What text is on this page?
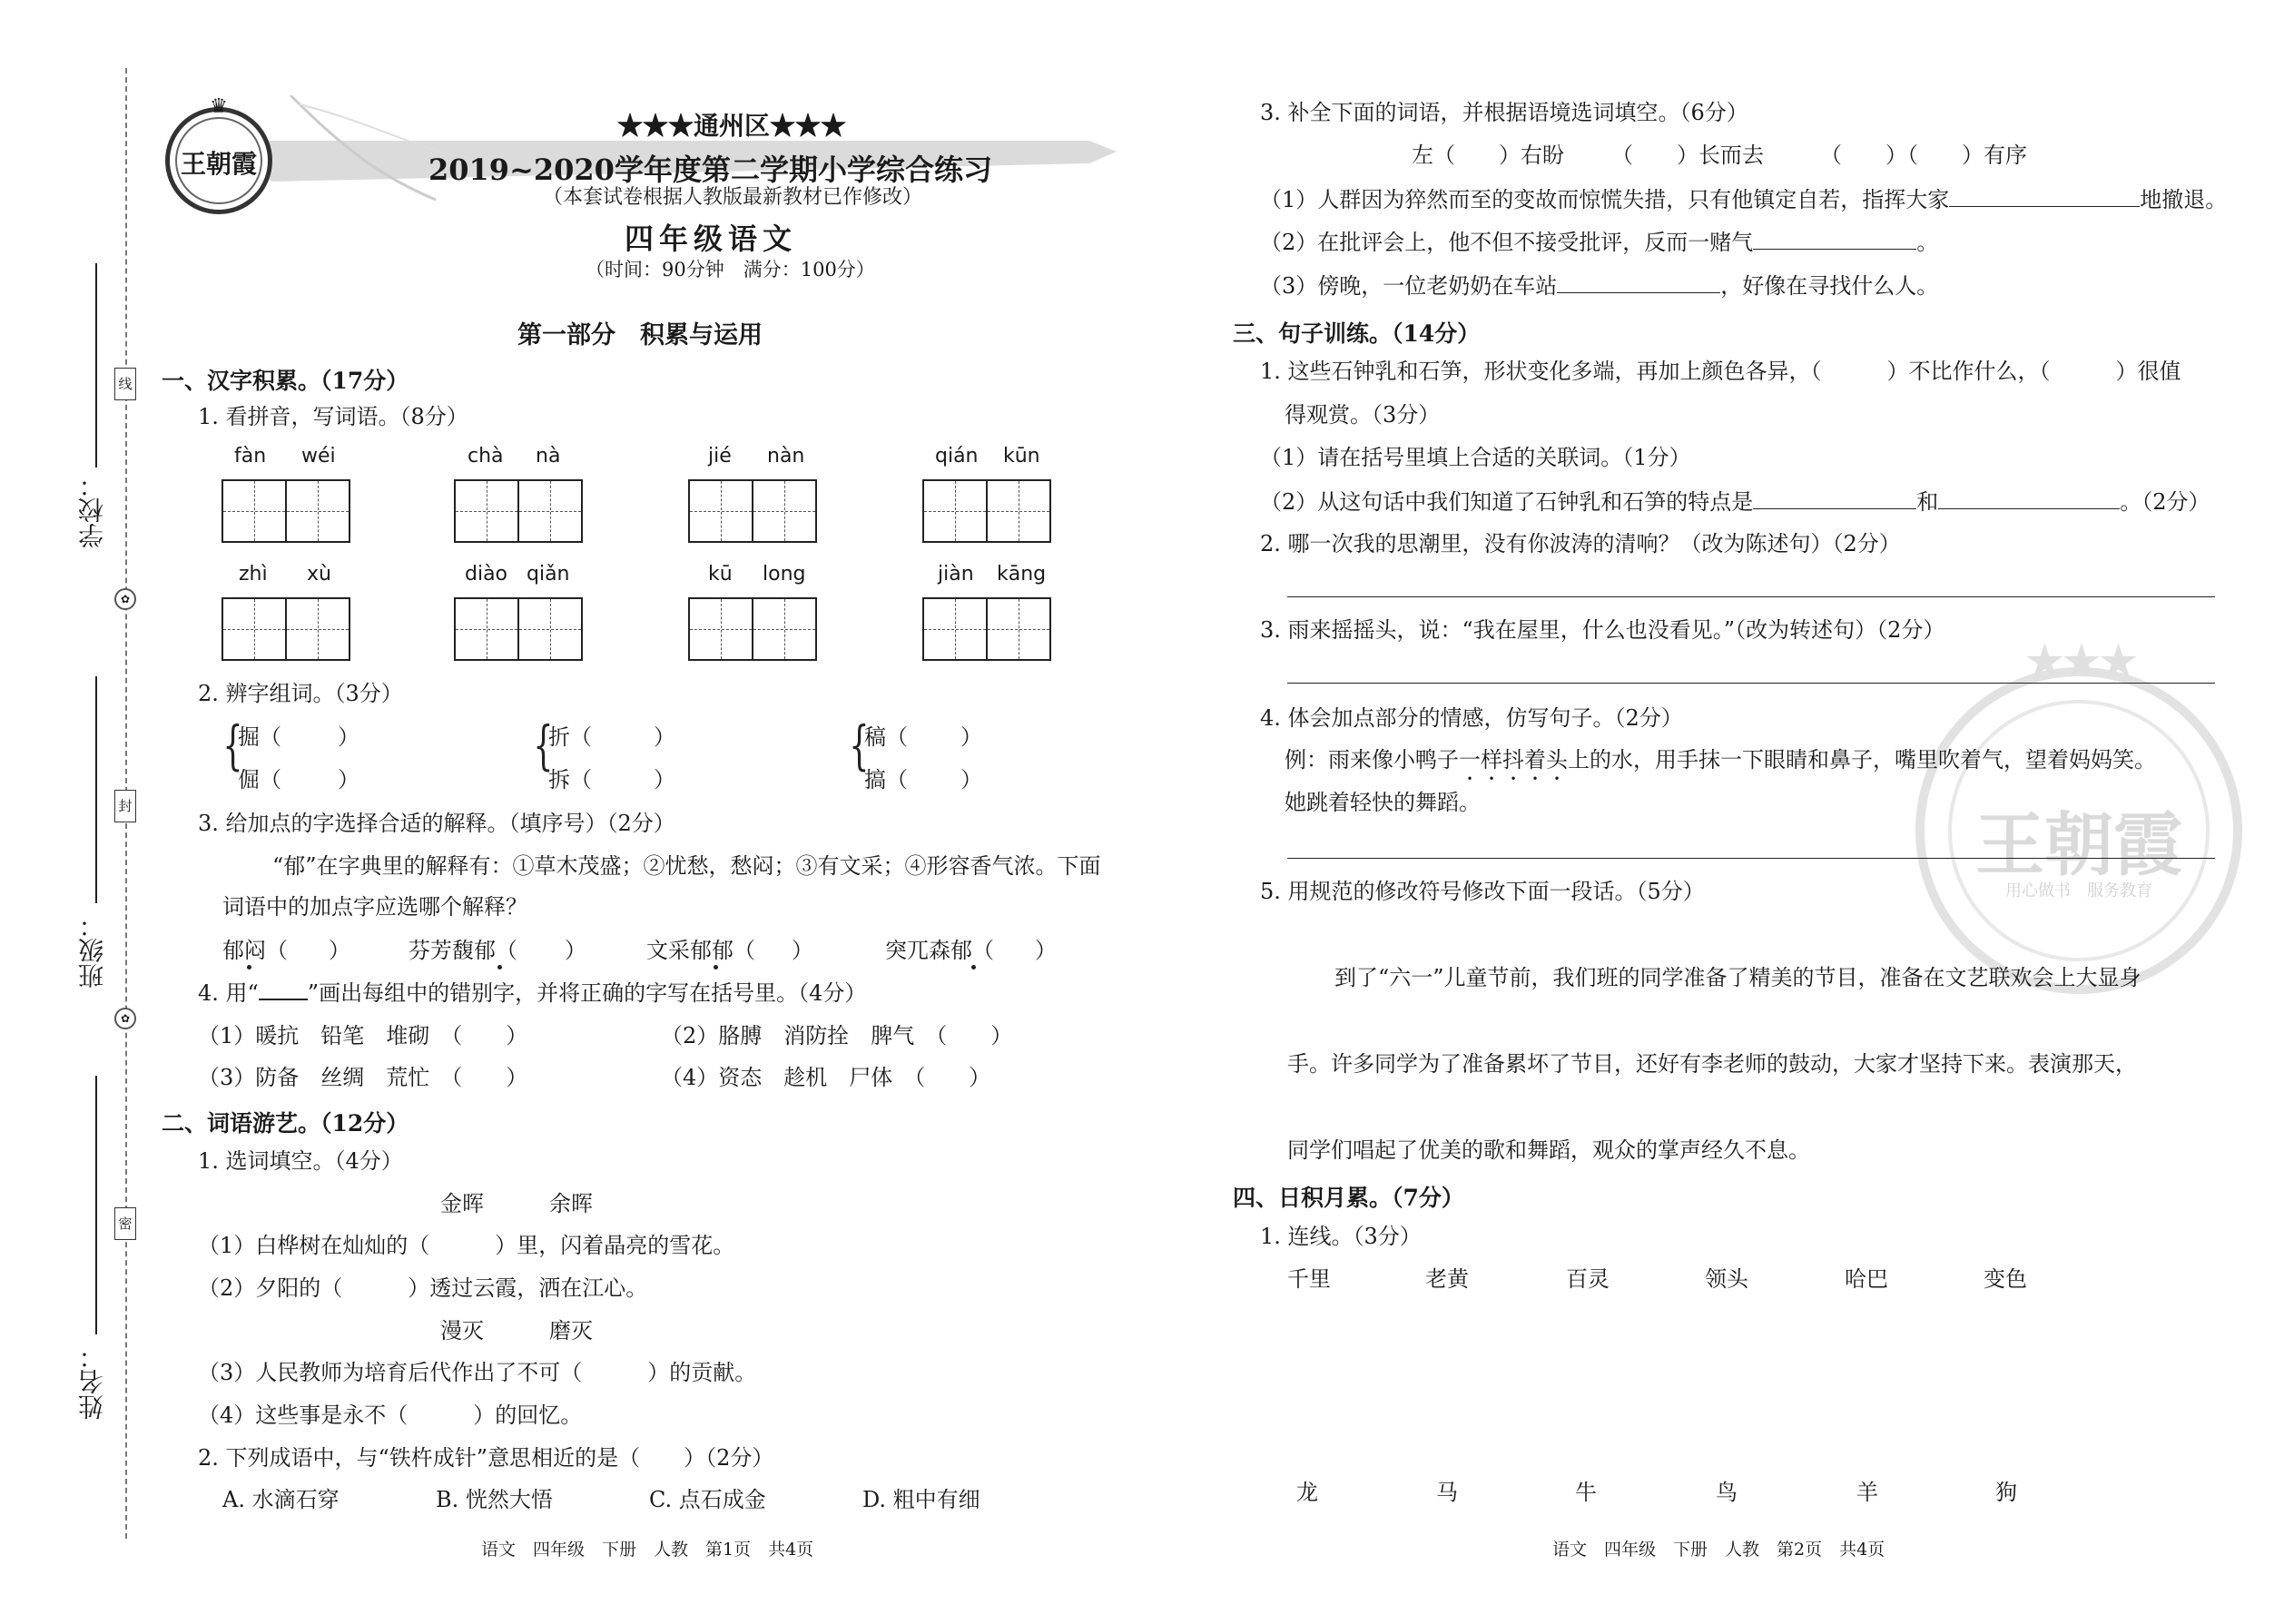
学校：
班级：
姓名：
线
封
密
✿
✿
王朝霞
♛
★★★通州区★★★
2019~2020学年度第二学期小学综合练习
（本套试卷根据人教版最新教材已作修改）
四年级语文
（时间：90分钟　满分：100分）
第一部分　积累与运用
一、汉字积累。（17分）
1. 看拼音，写词语。（8分）
fàn wéi	chà nà	jié nàn	qián kūn
zhì xù	diào qiǎn	kū long	jiàn kāng
2. 辨字组词。（3分）
{
掘（	）
倔（	）
{
折（	）
拆（	）
{
稿（ ）
搞（ ）
3. 给加点的字选择合适的解释。（填序号）（2分）
“郁”在字典里的解释有：①草木茂盛；②忧愁，愁闷；③有文采；④形容香气浓。下面
词语中的加点字应选哪个解释？
郁闷（ ）	芬芳馥郁（ ）	文采郁郁（ ）	突兀森郁（ ）
4. 用“ ”画出每组中的错别字，并将正确的字写在括号里。（4分）
（1）暖抗　铅笔　堆砌　（　　）	（2）胳膊　消防拴　脾气　（　　）
（3）防备　丝绸　荒忙　（　　）	（4）资态　趁机　尸体　（　　）
二、词语游艺。（12分）
1. 选词填空。（4分）
金晖　　　余晖
（1）白桦树在灿灿的（　　　）里，闪着晶亮的雪花。
（2）夕阳的（　　　）透过云霞，洒在江心。
漫灭　　　磨灭
（3）人民教师为培育后代作出了不可（　　　）的贡献。
（4）这些事是永不（　　　）的回忆。
2. 下列成语中，与“铁杵成针”意思相近的是（　　）（2分）
A. 水滴石穿	B. 恍然大悟	C. 点石成金	D. 粗中有细
语文　四年级　下册　人教　第1页　共4页
王朝霞
用心做书　服务教育
★★★
3. 补全下面的词语，并根据语境选词填空。（6分）
左（　　）右盼 （　　）长而去	（　　）（　　）有序
（1）人群因为猝然而至的变故而惊慌失措，只有他镇定自若，指挥大家	地撤退。
（2）在批评会上，他不但不接受批评，反而一赌气	。
（3）傍晚，一位老奶奶在车站	，好像在寻找什么人。
三、句子训练。（14分）
1. 这些石钟乳和石笋，形状变化多端，再加上颜色各异，（　　　）不比作什么，（　　　）很值
得观赏。（3分）
（1）请在括号里填上合适的关联词。（1分）
（2）从这句话中我们知道了石钟乳和石笋的特点是	和	。（2分）
2. 哪一次我的思潮里，没有你波涛的清响？（改为陈述句）（2分）
3. 雨来摇摇头，说：“我在屋里，什么也没看见。”（改为转述句）（2分）
4. 体会加点部分的情感，仿写句子。（2分）
例：雨来像小鸭子一样抖着头上的水，用手抹一下眼睛和鼻子，嘴里吹着气，望着妈妈笑。
她跳着轻快的舞蹈。
5. 用规范的修改符号修改下面一段话。（5分）
到了“六一”儿童节前，我们班的同学准备了精美的节目，准备在文艺联欢会上大显身
手。许多同学为了准备累坏了节目，还好有李老师的鼓动，大家才坚持下来。表演那天，
同学们唱起了优美的歌和舞蹈，观众的掌声经久不息。
四、日积月累。（7分）
1. 连线。（3分）
千里	老黄	百灵	领头	哈巴	变色
龙	马	牛	鸟	羊	狗
语文　四年级　下册　人教　第2页　共4页
